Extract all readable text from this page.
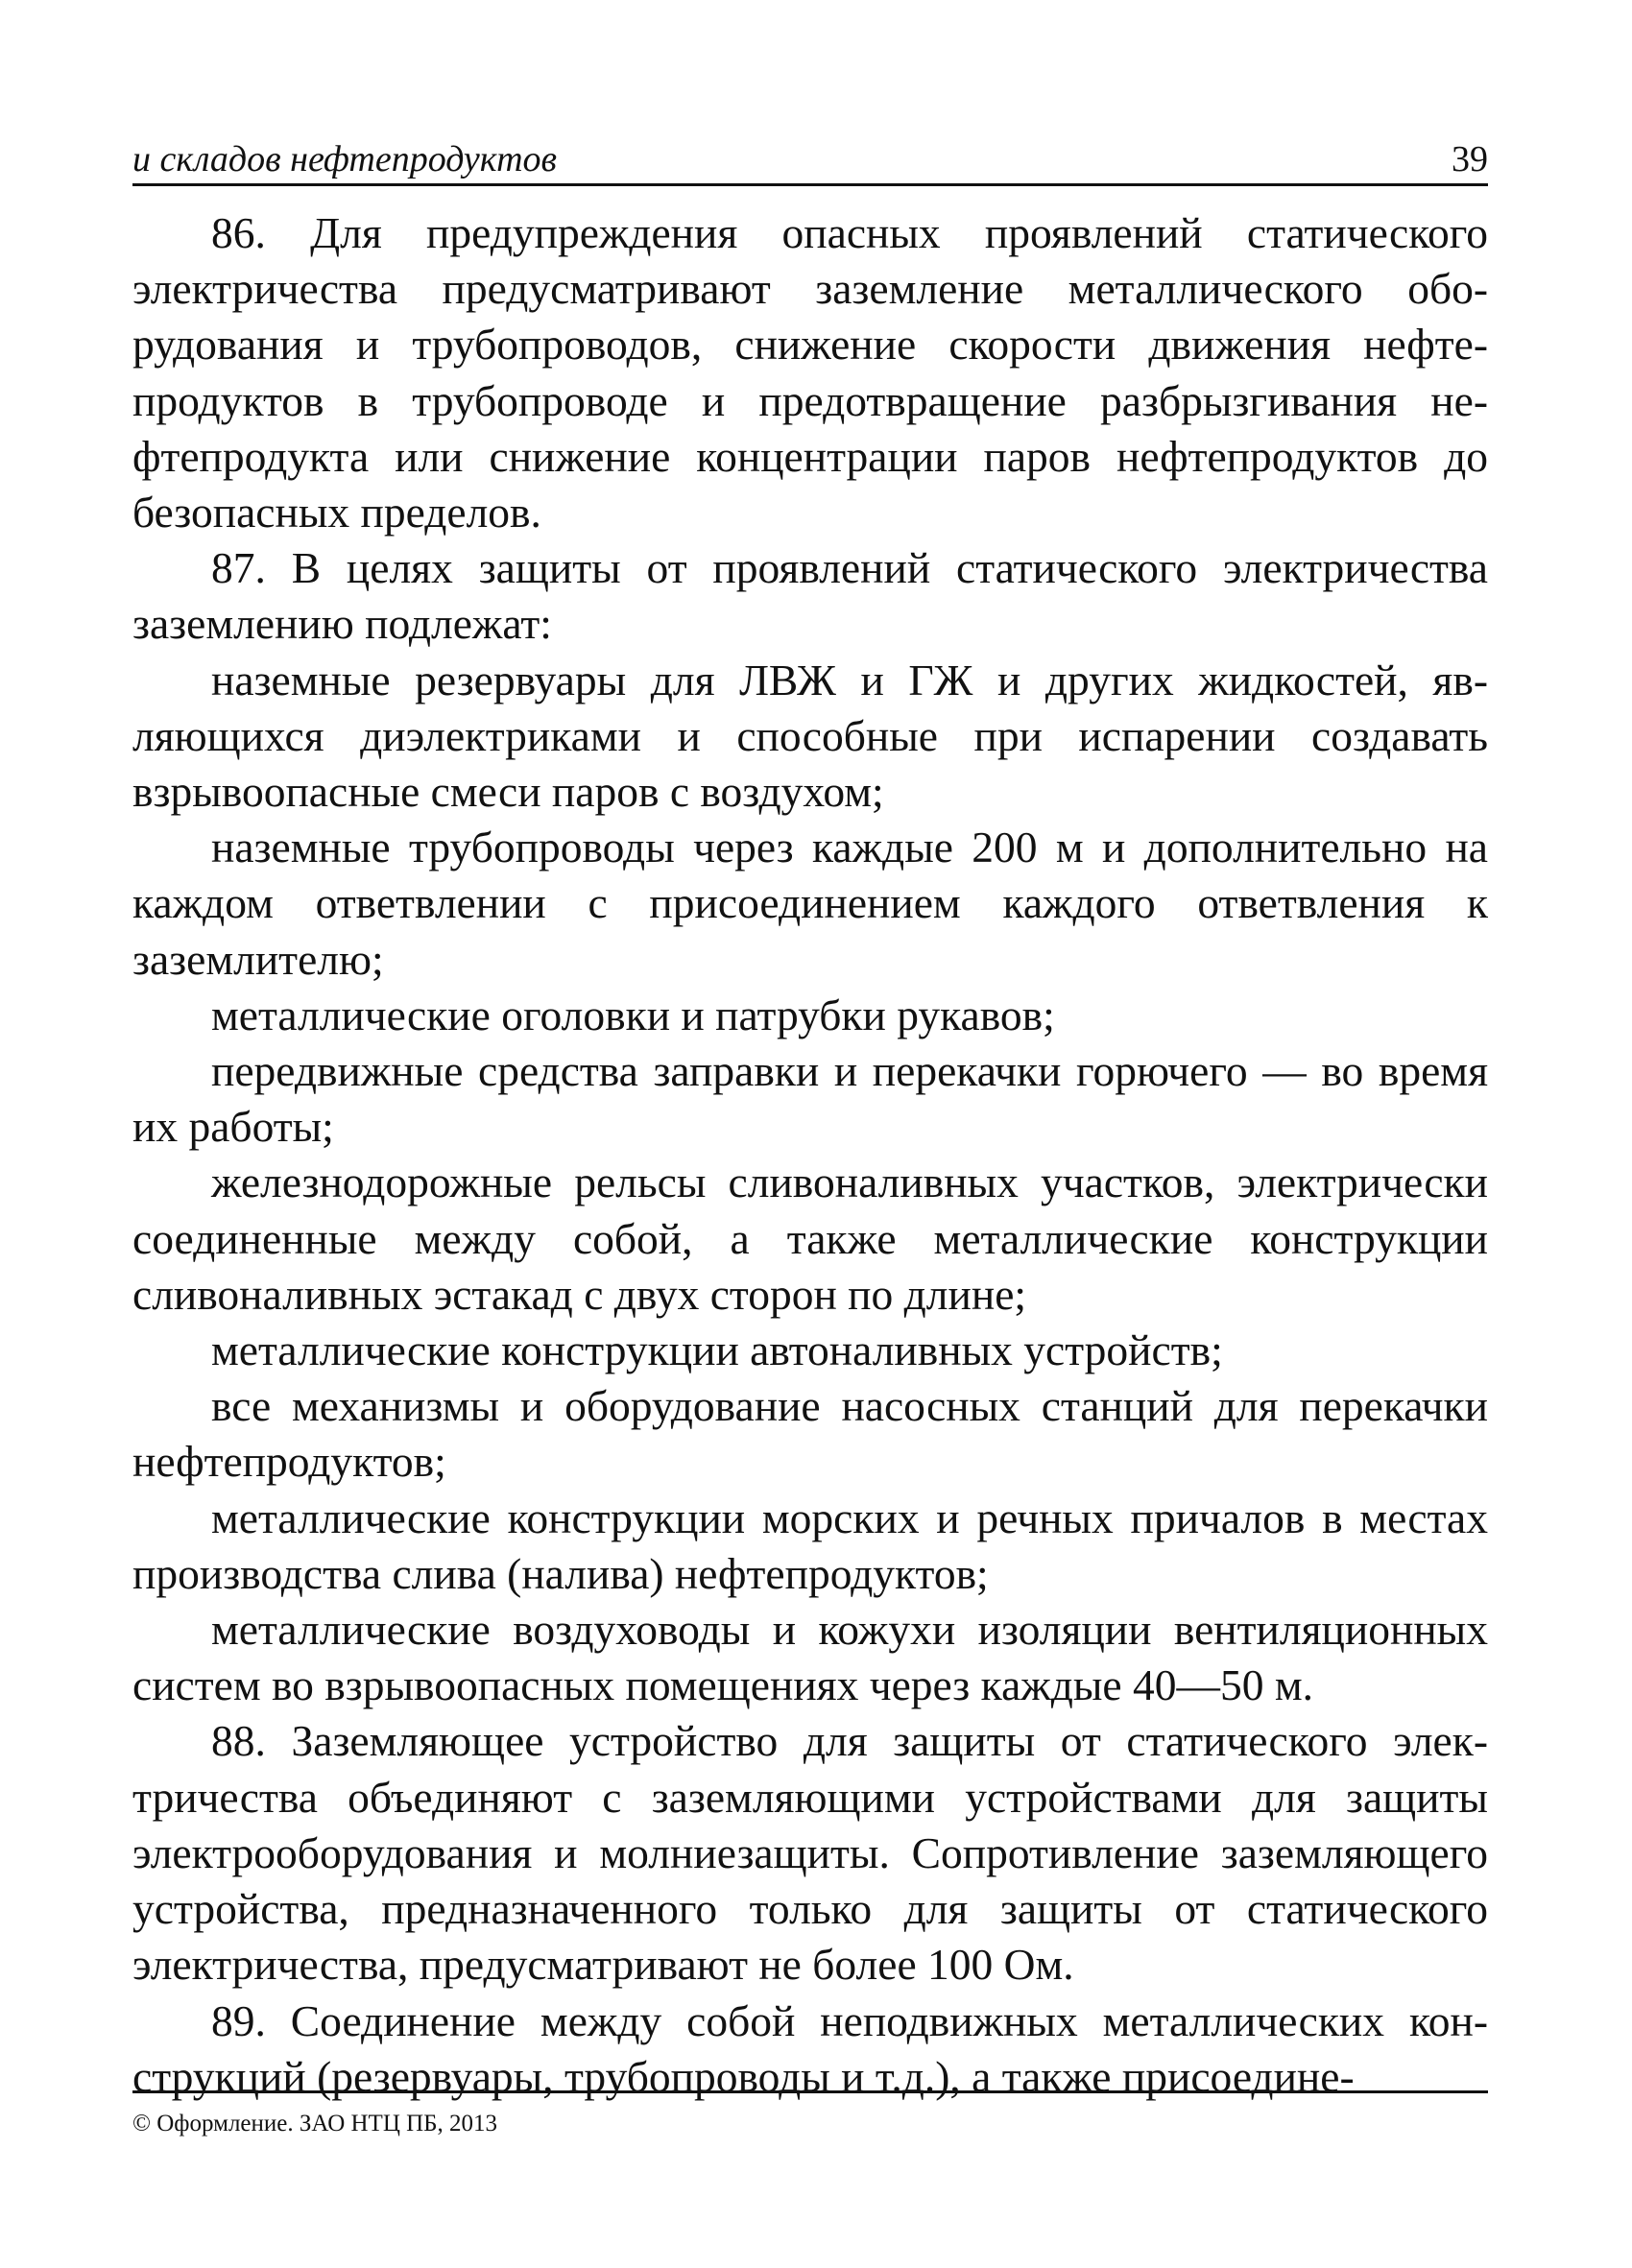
и складов нефтепродуктов	39

86. Для предупреждения опасных проявлений статического электричества предусматривают заземление металлического оборудования и трубопроводов, снижение скорости движения нефтепродуктов в трубопроводе и предотвращение разбрызгивания нефтепродукта или снижение концентрации паров нефтепродуктов до безопасных пределов.

87. В целях защиты от проявлений статического электричества заземлению подлежат:

наземные резервуары для ЛВЖ и ГЖ и других жидкостей, являющихся диэлектриками и способные при испарении создавать взрывоопасные смеси паров с воздухом;

наземные трубопроводы через каждые 200 м и дополнительно на каждом ответвлении с присоединением каждого ответвления к заземлителю;

металлические оголовки и патрубки рукавов;

передвижные средства заправки и перекачки горючего — во время их работы;

железнодорожные рельсы сливоналивных участков, электрически соединенные между собой, а также металлические конструкции сливоналивных эстакад с двух сторон по длине;

металлические конструкции автоналивных устройств;

все механизмы и оборудование насосных станций для перекачки нефтепродуктов;

металлические конструкции морских и речных причалов в местах производства слива (налива) нефтепродуктов;

металлические воздуховоды и кожухи изоляции вентиляционных систем во взрывоопасных помещениях через каждые 40—50 м.

88. Заземляющее устройство для защиты от статического электричества объединяют с заземляющими устройствами для защиты электрооборудования и молниезащиты. Сопротивление заземляющего устройства, предназначенного только для защиты от статического электричества, предусматривают не более 100 Ом.

89. Соединение между собой неподвижных металлических конструкций (резервуары, трубопроводы и т.д.), а также присоедине-

© Оформление. ЗАО НТЦ ПБ, 2013
